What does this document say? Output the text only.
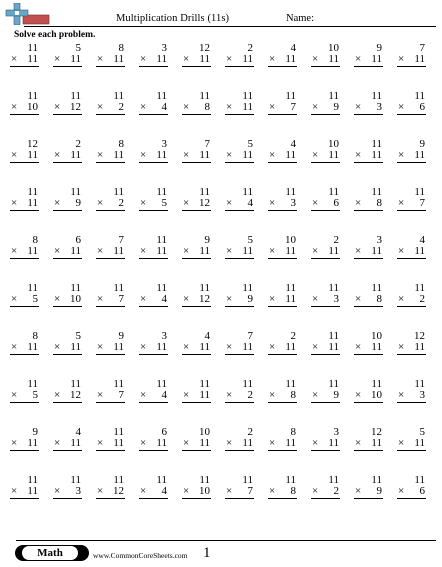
Multiplication Drills (11s)	Name:
Solve each problem.
11
× 11
5
× 11
8
× 11
3
× 11
12
× 11
2
× 11
4
× 11
10
× 11
9
× 11
7
× 11
11
× 10
11
× 12
11
× 2
11
× 4
11
× 8
11
× 11
11
× 7
11
× 9
11
× 3
11
× 6
12
× 11
2
× 11
8
× 11
3
× 11
7
× 11
5
× 11
4
× 11
10
× 11
11
× 11
9
× 11
11
× 11
11
× 9
11
× 2
11
× 5
11
× 12
11
× 4
11
× 3
11
× 6
11
× 8
11
× 7
8
× 11
6
× 11
7
× 11
11
× 11
9
× 11
5
× 11
10
× 11
2
× 11
3
× 11
4
× 11
11
× 5
11
× 10
11
× 7
11
× 4
11
× 12
11
× 9
11
× 11
11
× 3
11
× 8
11
× 2
8
× 11
5
× 11
9
× 11
3
× 11
4
× 11
7
× 11
2
× 11
11
× 11
10
× 11
12
× 11
11
× 5
11
× 12
11
× 7
11
× 4
11
× 11
11
× 2
11
× 8
11
× 9
11
× 10
11
× 3
9
× 11
4
× 11
11
× 11
6
× 11
10
× 11
2
× 11
8
× 11
3
× 11
12
× 11
5
× 11
11
× 11
11
× 3
11
× 12
11
× 4
11
× 10
11
× 7
11
× 8
11
× 2
11
× 9
11
× 6
Math	www.CommonCoreSheets.com 1
